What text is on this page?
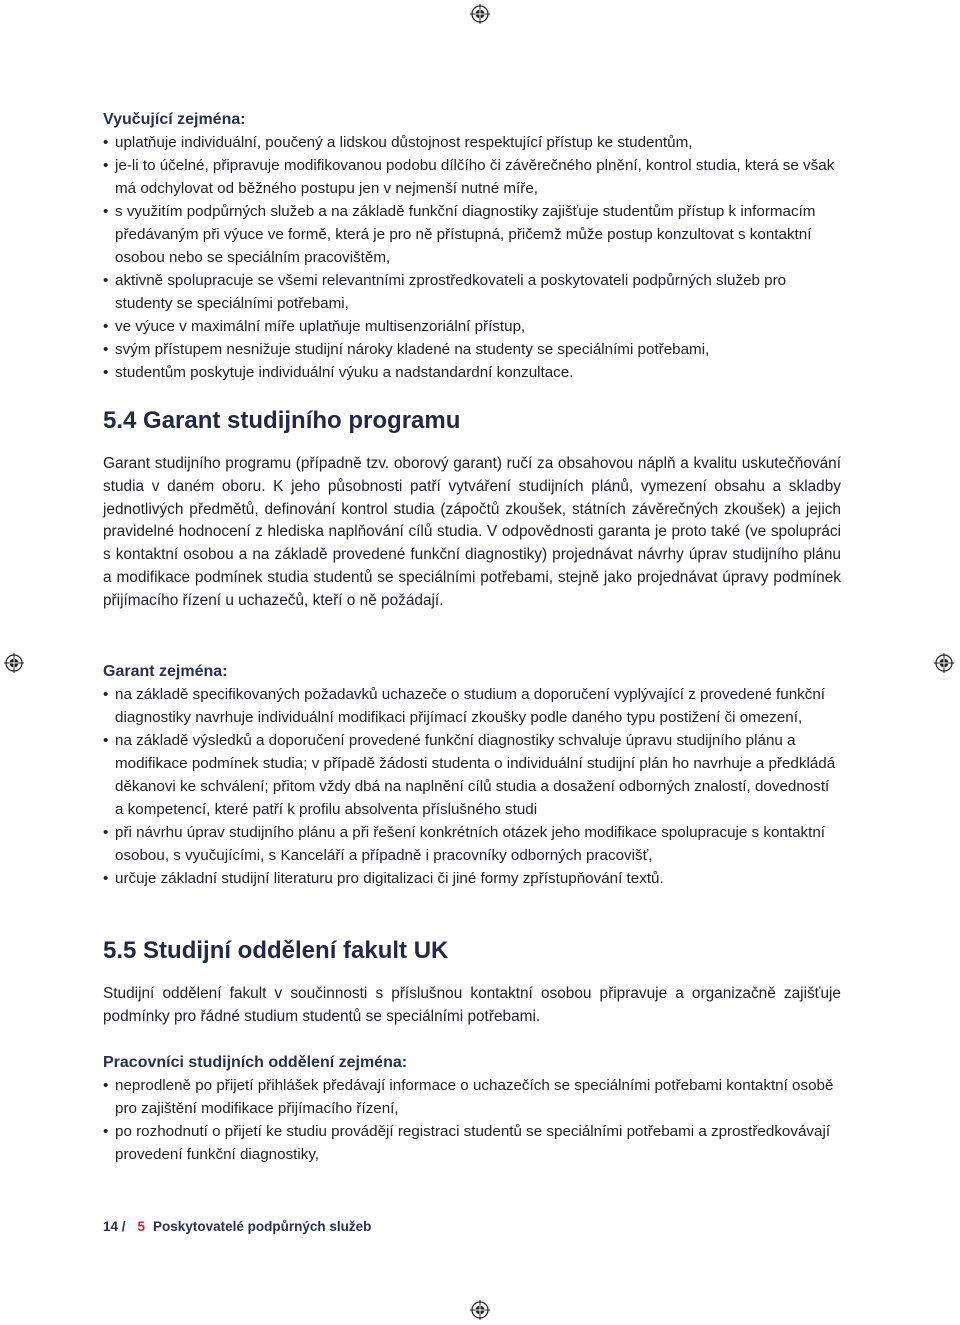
Vyučující zejména:

• uplatňuje individuální, poučený a lidskou důstojnost respektující přístup ke studentům,
• je-li to účelné, připravuje modifikovanou podobu dílčího či závěrečného plnění, kontrol studia, která se však má odchylovat od běžného postupu jen v nejmenší nutné míře,
• s využitím podpůrných služeb a na základě funkční diagnostiky zajišťuje studentům přístup k informacím předávaným při výuce ve formě, která je pro ně přístupná, přičemž může postup konzultovat s kontaktní osobou nebo se speciálním pracovištěm,
• aktivně spolupracuje se všemi relevantními zprostředkovateli a poskytovateli podpůrných služeb pro studenty se speciálními potřebami,
• ve výuce v maximální míře uplatňuje multisenzoriální přístup,
• svým přístupem nesnižuje studijní nároky kladené na studenty se speciálními potřebami,
• studentům poskytuje individuální výuku a nadstandardní konzultace.
5.4 Garant studijního programu

Garant studijního programu (případně tzv. oborový garant) ručí za obsahovou náplň a kvalitu uskutečňování studia v daném oboru. K jeho působnosti patří vytváření studijních plánů, vymezení obsahu a skladby jednotlivých předmětů, definování kontrol studia (zápočtů zkoušek, státních závěrečných zkoušek) a jejich pravidelné hodnocení z hlediska naplňování cílů studia. V odpovědnosti garanta je proto také (ve spolupráci s kontaktní osobou a na základě provedené funkční diagnostiky) projednávat návrhy úprav studijního plánu a modifikace podmínek studia studentů se speciálními potřebami, stejně jako projednávat úpravy podmínek přijímacího řízení u uchazečů, kteří o ně požádají.

Garant zejména:

• na základě specifikovaných požadavků uchazeče o studium a doporučení vyplývající z provedené funkční diagnostiky navrhuje individuální modifikaci přijímací zkoušky podle daného typu postižení či omezení,
• na základě výsledků a doporučení provedené funkční diagnostiky schvaluje úpravu studijního plánu a modifikace podmínek studia; v případě žádosti studenta o individuální studijní plán ho navrhuje a předkládá děkanovi ke schválení; přitom vždy dbá na naplnění cílů studia a dosažení odborných znalostí, dovedností a kompetencí, které patří k profilu absolventa příslušného studi
• při návrhu úprav studijního plánu a při řešení konkrétních otázek jeho modifikace spolupracuje s kontaktní osobou, s vyučujícími, s Kanceláří a případně i pracovníky odborných pracovišť,
• určuje základní studijní literaturu pro digitalizaci či jiné formy zpřístupňování textů.
5.5 Studijní oddělení fakult UK

Studijní oddělení fakult v součinnosti s příslušnou kontaktní osobou připravuje a organizačně zajišťuje podmínky pro řádné studium studentů se speciálními potřebami.

Pracovníci studijních oddělení zejména:

• neprodleně po přijetí přihlášek předávají informace o uchazečích se speciálními potřebami kontaktní osobě pro zajištění modifikace přijímacího řízení,
• po rozhodnutí o přijetí ke studiu provádějí registraci studentů se speciálními potřebami a zprostředkovávají provedení funkční diagnostiky,
14 / 5 Poskytovatelé podpůrných služeb
